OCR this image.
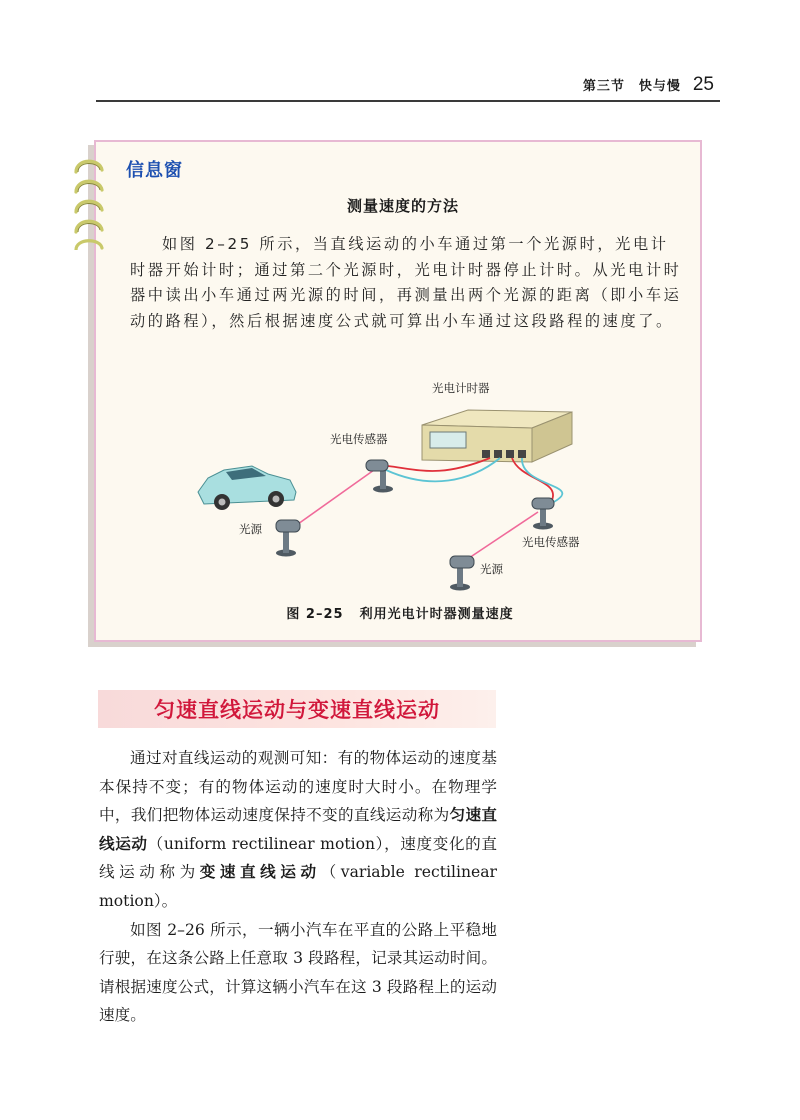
第三节　快与慢 25
信息窗
测量速度的方法
如图 2–25 所示，当直线运动的小车通过第一个光源时，光电计时器开始计时；通过第二个光源时，光电计时器停止计时。从光电计时器中读出小车通过两光源的时间，再测量出两个光源的距离（即小车运动的路程），然后根据速度公式就可算出小车通过这段路程的速度了。
光电计时器
光电传感器
光源
光电传感器
光源
图 2–25 利用光电计时器测量速度
匀速直线运动与变速直线运动

通过对直线运动的观测可知：有的物体运动的速度基本保持不变；有的物体运动的速度时大时小。在物理学中，我们把物体运动速度保持不变的直线运动称为匀速直线运动（uniform rectilinear motion），速度变化的直线运动称为变速直线运动（variable rectilinear motion）。

如图 2–26 所示，一辆小汽车在平直的公路上平稳地行驶，在这条公路上任意取 3 段路程，记录其运动时间。请根据速度公式，计算这辆小汽车在这 3 段路程上的运动速度。
